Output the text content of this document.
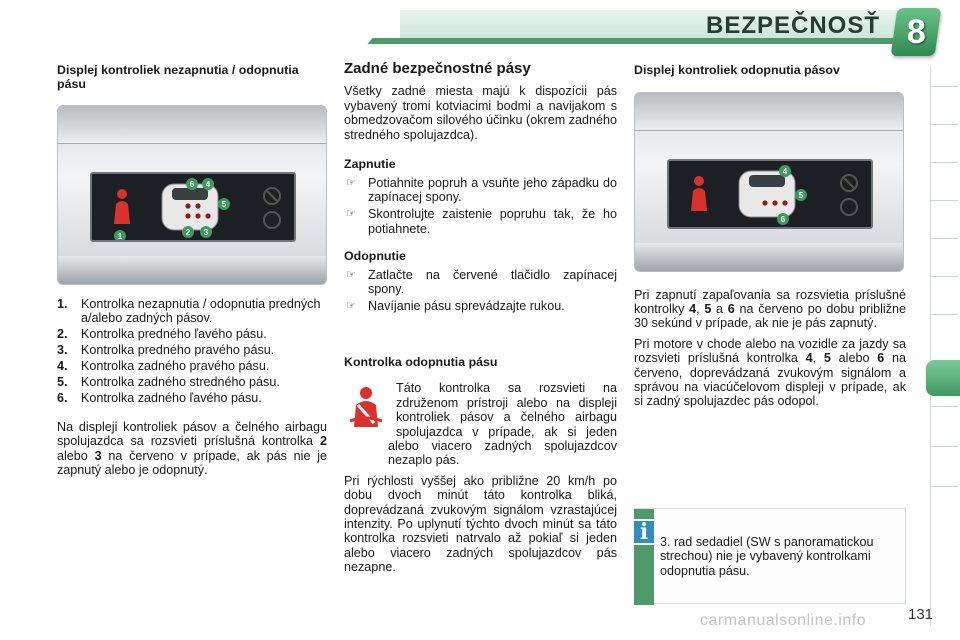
BEZPEČNOSŤ 8
Displej kontroliek nezapnutia / odopnutia pásu
6 4
5
1	2 3
1.	Kontrolka nezapnutia / odopnutia predných a/alebo zadných pásov.
2.	Kontrolka predného ľavého pásu.
3.	Kontrolka predného pravého pásu.
4.	Kontrolka zadného pravého pásu.
5.	Kontrolka zadného stredného pásu.
6.	Kontrolka zadného ľavého pásu.

Na displeji kontroliek pásov a čelného airbagu spolujazdca sa rozsvieti príslušná kontrolka 2 alebo 3 na červeno v prípade, ak pás nie je zapnutý alebo je odopnutý.

Zadné bezpečnostné pásy

Všetky zadné miesta majú k dispozícii pás vybavený tromi kotviacimi bodmi a navijakom s obmedzovačom silového účinku (okrem zadného stredného spolujazdca).

Zapnutie
☞ Potiahnite popruh a vsuňte jeho západku do zapínacej spony.
☞ Skontrolujte zaistenie popruhu tak, že ho potiahnete.
Odopnutie
☞ Zatlačte na červené tlačidlo zapínacej spony.
☞ Navíjanie pásu sprevádzajte rukou.
Kontrolka odopnutia pásu

Táto kontrolka sa rozsvieti na združenom prístroji alebo na displeji kontroliek pásov a čelného airbagu spolujazdca v prípade, ak si jeden alebo viacero zadných spolujazdcov nezaplo pás.

Pri rýchlosti vyššej ako približne 20 km/h po dobu dvoch minút táto kontrolka bliká, doprevádzaná zvukovým signálom vzrastajúcej intenzity. Po uplynutí týchto dvoch minút sa táto kontrolka rozsvieti natrvalo až pokiaľ si jeden alebo viacero zadných spolujazdcov pás nezapne.

Displej kontroliek odopnutia pásov
4
5
6

Pri zapnutí zapaľovania sa rozsvietia príslušné kontrolky 4, 5 a 6 na červeno po dobu približne 30 sekúnd v prípade, ak nie je pás zapnutý.

Pri motore v chode alebo na vozidle za jazdy sa rozsvieti príslušná kontrolka 4, 5 alebo 6 na červeno, doprevádzaná zvukovým signálom a správou na viacúčelovom displeji v prípade, ak si zadný spolujazdec pás odopol.

i 3. rad sedadiel (SW s panoramatickou strechou) nie je vybavený kontrolkami odopnutia pásu.
carmanualsonline.info	131
